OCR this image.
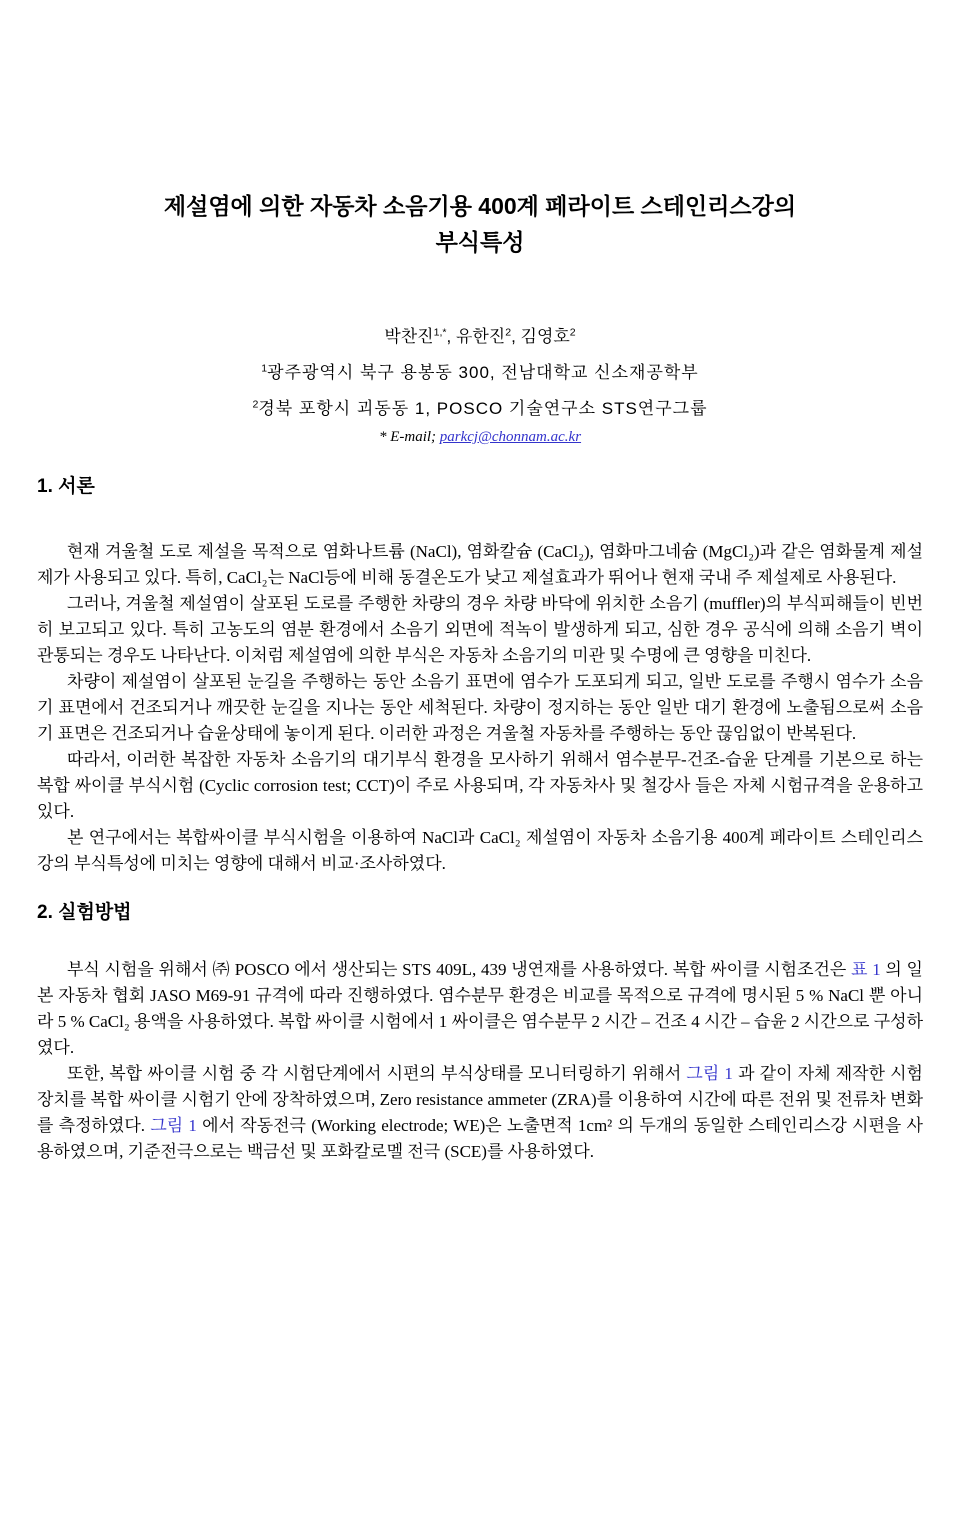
제설염에 의한 자동차 소음기용 400계 페라이트 스테인리스강의
부식특성
박찬진$^{1,*}$, 유한진$^2$, 김영호$^2$
$^1$광주광역시 북구 용봉동 300, 전남대학교 신소재공학부
$^2$경북 포항시 괴동동 1, POSCO 기술연구소 STS연구그룹
* E-mail; parkcj@chonnam.ac.kr
1. 서론

현재 겨울철 도로 제설을 목적으로 염화나트륨 (NaCl), 염화칼슘 (CaCl₂), 염화마그네슘 (MgCl₂)과 같은 염화물계 제설제가 사용되고 있다. 특히, CaCl₂는 NaCl등에 비해 동결온도가 낮고 제설효과가 뛰어나 현재 국내 주 제설제로 사용된다.

그러나, 겨울철 제설염이 살포된 도로를 주행한 차량의 경우 차량 바닥에 위치한 소음기 (muffler)의 부식피해들이 빈번히 보고되고 있다. 특히 고농도의 염분 환경에서 소음기 외면에 적녹이 발생하게 되고, 심한 경우 공식에 의해 소음기 벽이 관통되는 경우도 나타난다. 이처럼 제설염에 의한 부식은 자동차 소음기의 미관 및 수명에 큰 영향을 미친다.

차량이 제설염이 살포된 눈길을 주행하는 동안 소음기 표면에 염수가 도포되게 되고, 일반 도로를 주행시 염수가 소음기 표면에서 건조되거나 깨끗한 눈길을 지나는 동안 세척된다. 차량이 정지하는 동안 일반 대기 환경에 노출됨으로써 소음기 표면은 건조되거나 습윤상태에 놓이게 된다. 이러한 과정은 겨울철 자동차를 주행하는 동안 끊임없이 반복된다.

따라서, 이러한 복잡한 자동차 소음기의 대기부식 환경을 모사하기 위해서 염수분무-건조-습윤 단계를 기본으로 하는 복합 싸이클 부식시험 (Cyclic corrosion test; CCT)이 주로 사용되며, 각 자동차사 및 철강사 들은 자체 시험규격을 운용하고 있다.

본 연구에서는 복합싸이클 부식시험을 이용하여 NaCl과 CaCl₂ 제설염이 자동차 소음기용 400계 페라이트 스테인리스강의 부식특성에 미치는 영향에 대해서 비교·조사하였다.

2. 실험방법

부식 시험을 위해서 ㈜ POSCO 에서 생산되는 STS 409L, 439 냉연재를 사용하였다. 복합 싸이클 시험조건은 표 1 의 일본 자동차 협회 JASO M69-91 규격에 따라 진행하였다. 염수분무 환경은 비교를 목적으로 규격에 명시된 5 % NaCl 뿐 아니라 5 % CaCl₂ 용액을 사용하였다. 복합 싸이클 시험에서 1 싸이클은 염수분무 2 시간 – 건조 4 시간 – 습윤 2 시간으로 구성하였다.

또한, 복합 싸이클 시험 중 각 시험단계에서 시편의 부식상태를 모니터링하기 위해서 그림 1 과 같이 자체 제작한 시험장치를 복합 싸이클 시험기 안에 장착하였으며, Zero resistance ammeter (ZRA)를 이용하여 시간에 따른 전위 및 전류차 변화를 측정하였다. 그림 1 에서 작동전극 (Working electrode; WE)은 노출면적 1cm² 의 두개의 동일한 스테인리스강 시편을 사용하였으며, 기준전극으로는 백금선 및 포화칼로멜 전극 (SCE)를 사용하였다.
